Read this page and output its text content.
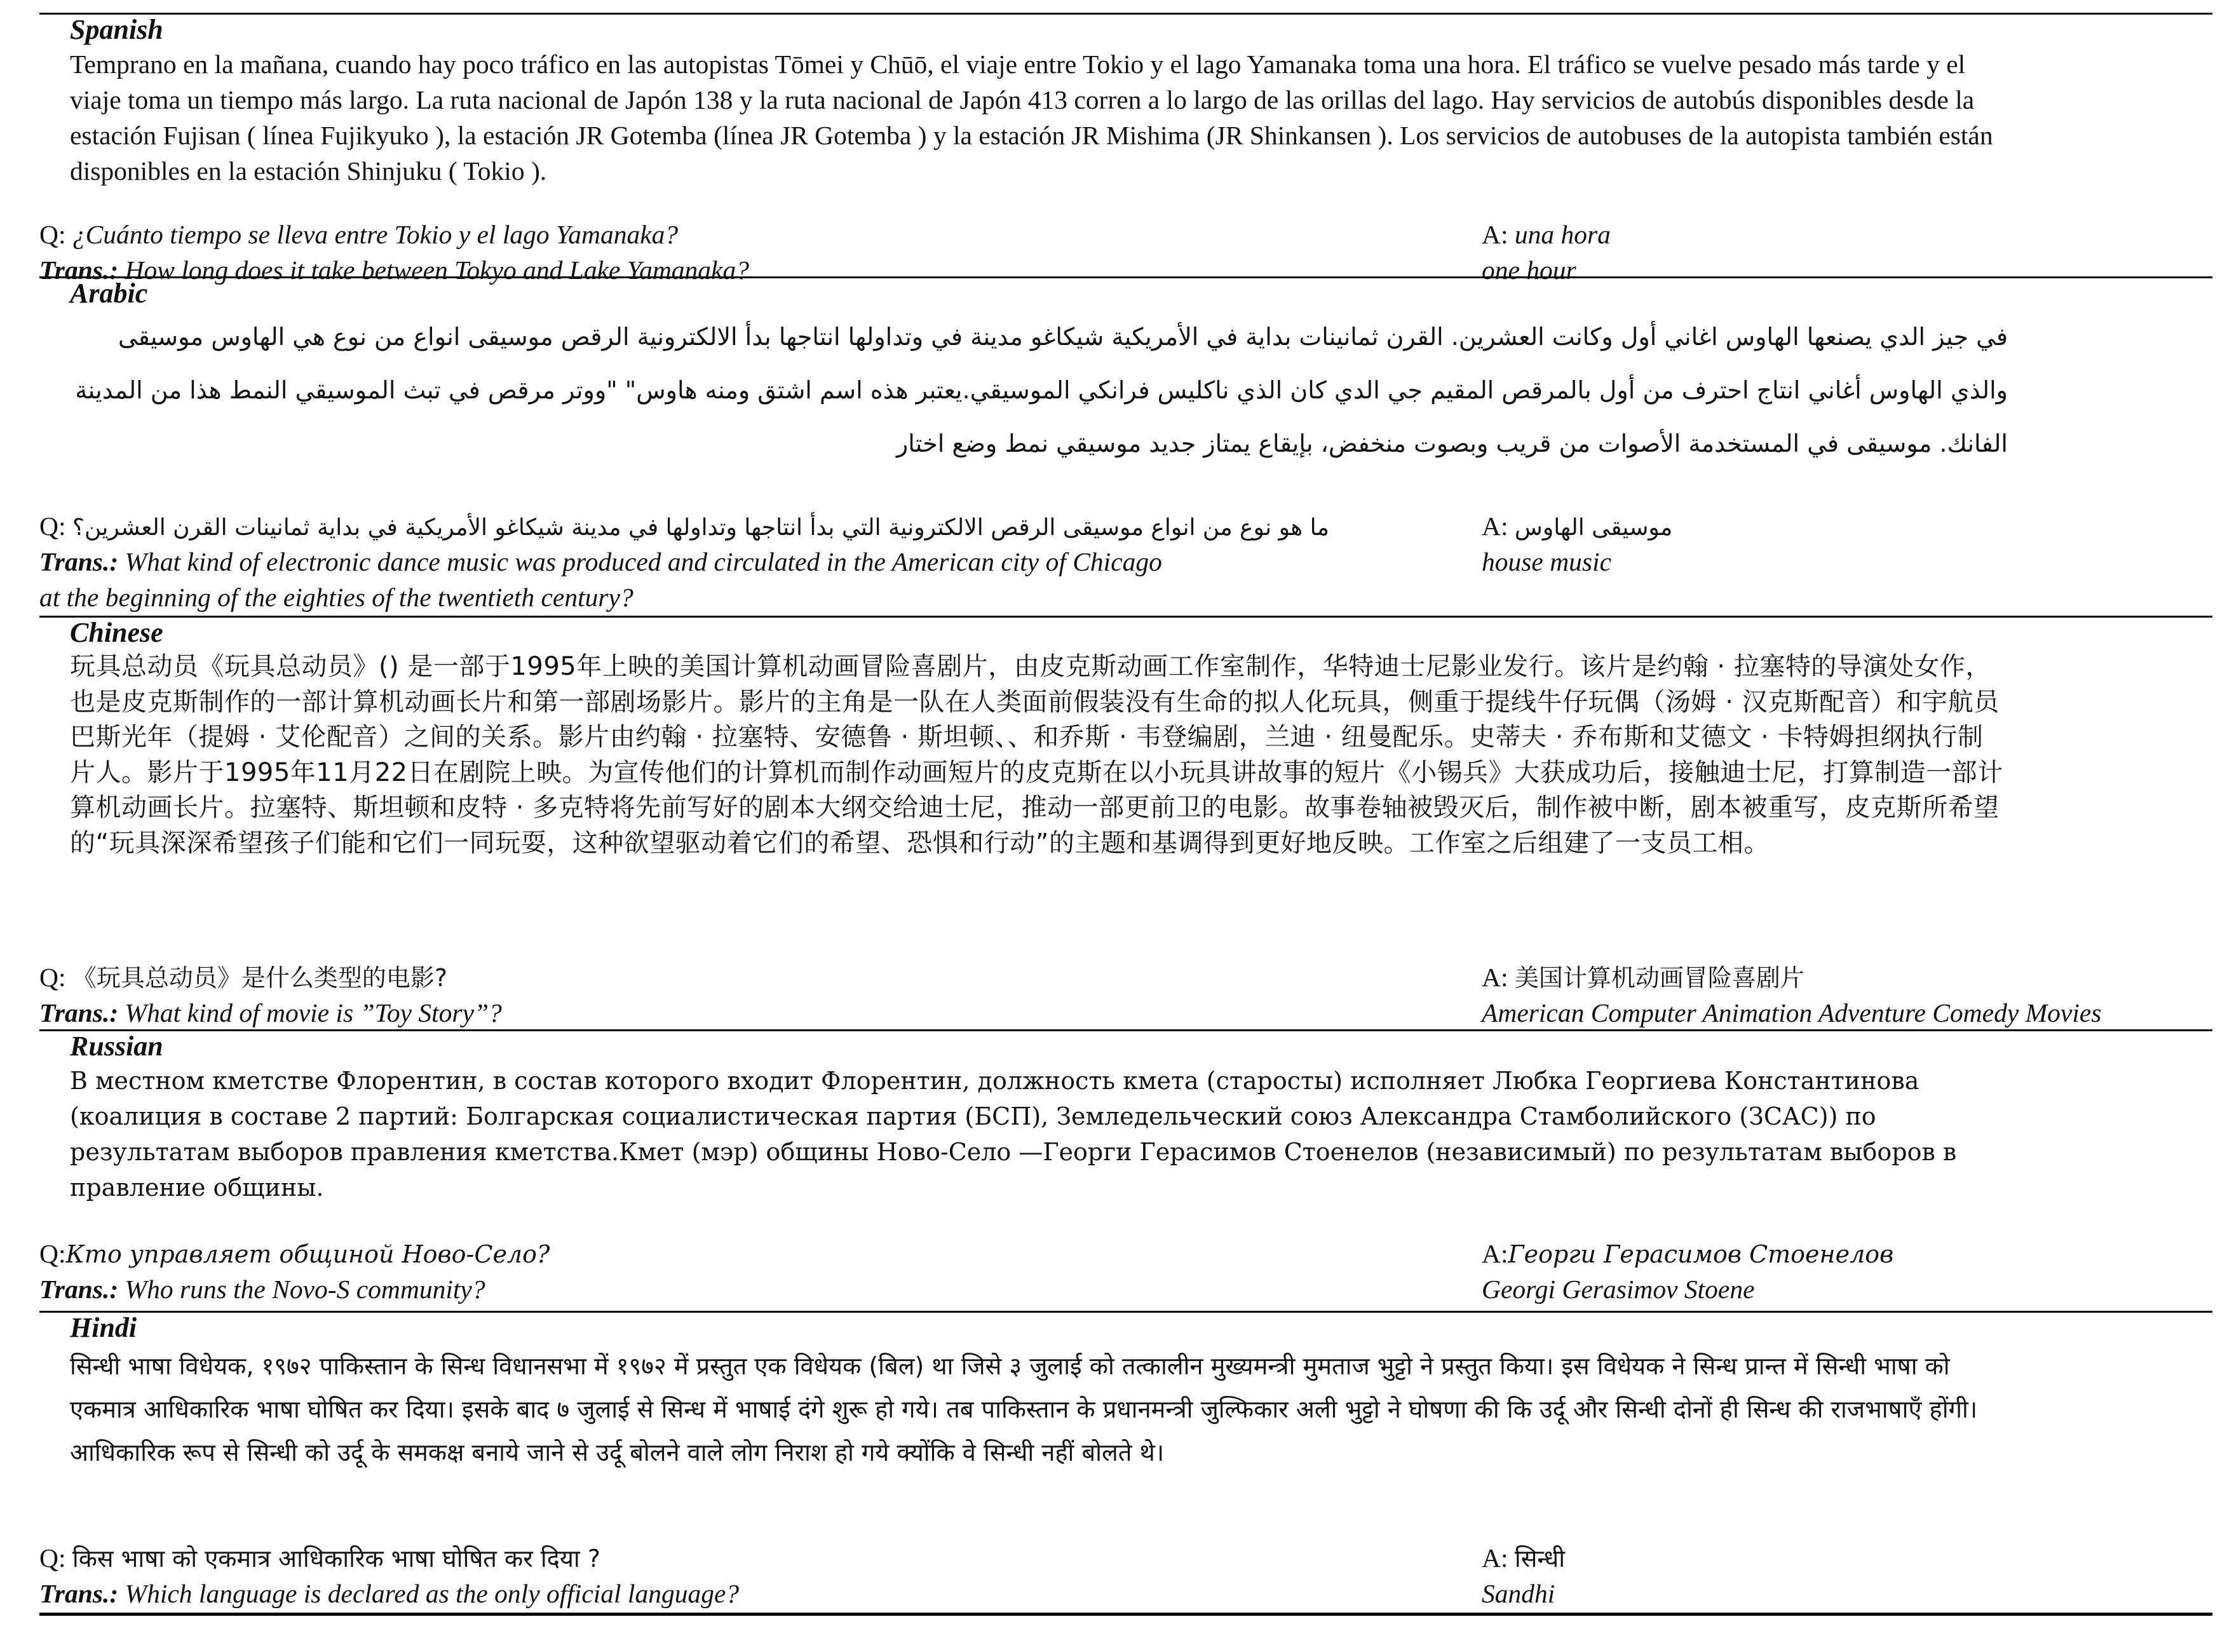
Spanish
Temprano en la mañana, cuando hay poco tráfico en las autopistas Tōmei y Chūō, el viaje entre Tokio y el lago Yamanaka toma una hora. El tráfico se vuelve pesado más tarde y el viaje toma un tiempo más largo. La ruta nacional de Japón 138 y la ruta nacional de Japón 413 corren a lo largo de las orillas del lago. Hay servicios de autobús disponibles desde la estación Fujisan ( línea Fujikyuko ), la estación JR Gotemba (línea JR Gotemba ) y la estación JR Mishima (JR Shinkansen ). Los servicios de autobuses de la autopista también están disponibles en la estación Shinjuku ( Tokio ).
Q: ¿Cuánto tiempo se lleva entre Tokio y el lago Yamanaka?	A: una hora
Trans.: How long does it take between Tokyo and Lake Yamanaka?	one hour
Arabic
في جيز الدي يصنعها الهاوس اغاني أول وكانت العشرين. القرن ثمانينات بداية في الأمريكية شيكاغو مدينة في وتداولها انتاجها بدأ الالكترونية الرقص موسيقى انواع من نوع هي الهاوس موسيقى والذي الهاوس أغاني انتاج احترف من أول بالمرقص المقيم جي الدي كان الذي ناكليس فرانكي الموسيقي.يعتبر هذه اسم اشتق ومنه هاوس" "ووتر مرقص في تبث الموسيقي النمط هذا من المدينة الفانك. موسيقى في المستخدمة الأصوات من قريب وبصوت منخفض، بإيقاع يمتاز جديد موسيقي نمط وضع اختار
Q: ما هو نوع من انواع موسيقى الرقص الالكترونية التي بدأ انتاجها وتداولها في مدينة شيكاغو الأمريكية في بداية ثمانينات القرن العشرين؟	A: موسيقى الهاوس
Trans.: What kind of electronic dance music was produced and circulated in the American city of Chicago	house music
at the beginning of the eighties of the twentieth century?
Chinese
玩具总动员《玩具总动员》() 是一部于1995年上映的美国计算机动画冒险喜剧片，由皮克斯动画工作室制作，华特迪士尼影业发行。该片是约翰 · 拉塞特的导演处女作，也是皮克斯制作的一部计算机动画长片和第一部剧场影片。影片的主角是一队在人类面前假装没有生命的拟人化玩具，侧重于提线牛仔玩偶（汤姆 · 汉克斯配音）和宇航员巴斯光年（提姆 · 艾伦配音）之间的关系。影片由约翰 · 拉塞特、安德鲁 · 斯坦顿、、和乔斯 · 韦登编剧，兰迪 · 纽曼配乐。史蒂夫 · 乔布斯和艾德文 · 卡特姆担纲执行制片人。影片于1995年11月22日在剧院上映。为宣传他们的计算机而制作动画短片的皮克斯在以小玩具讲故事的短片《小锡兵》大获成功后，接触迪士尼，打算制造一部计算机动画长片。拉塞特、斯坦顿和皮特 · 多克特将先前写好的剧本大纲交给迪士尼，推动一部更前卫的电影。故事卷轴被毁灭后，制作被中断，剧本被重写，皮克斯所希望的“玩具深深希望孩子们能和它们一同玩耍，这种欲望驱动着它们的希望、恐惧和行动”的主题和基调得到更好地反映。工作室之后组建了一支员工相。
Q: 《玩具总动员》是什么类型的电影?	A: 美国计算机动画冒险喜剧片
Trans.: What kind of movie is ”Toy Story”?	American Computer Animation Adventure Comedy Movies
Russian
В местном кметстве Флорентин, в состав которого входит Флорентин, должность кмета (старосты) исполняет Любка Георгиева Константинова (коалиция в составе 2 партий: Болгарская социалистическая партия (БСП), Земледельческий союз Александра Стамболийского (ЗСАС)) по результатам выборов правления кметства.Кмет (мэр) общины Ново-Село —Георги Герасимов Стоенелов (независимый) по результатам выборов в правление общины.
Q:Кто управляет общиной Ново-Село?	A:Георги Герасимов Стоенелов
Trans.: Who runs the Novo-S community?	Georgi Gerasimov Stoene
Hindi
सिन्धी भाषा विधेयक, १९७२ पाकिस्तान के सिन्ध विधानसभा में १९७२ में प्रस्तुत एक विधेयक (बिल) था जिसे ३ जुलाई को तत्कालीन मुख्यमन्त्री मुमताज भुट्टो ने प्रस्तुत किया। इस विधेयक ने सिन्ध प्रान्त में सिन्धी भाषा को एकमात्र आधिकारिक भाषा घोषित कर दिया। इसके बाद ७ जुलाई से सिन्ध में भाषाई दंगे शुरू हो गये। तब पाकिस्तान के प्रधानमन्त्री जुल्फिकार अली भुट्टो ने घोषणा की कि उर्दू और सिन्धी दोनों ही सिन्ध की राजभाषाएँ होंगी। आधिकारिक रूप से सिन्धी को उर्दू के समकक्ष बनाये जाने से उर्दू बोलने वाले लोग निराश हो गये क्योंकि वे सिन्धी नहीं बोलते थे।
Q: किस भाषा को एकमात्र आधिकारिक भाषा घोषित कर दिया ?	A: सिन्धी
Trans.: Which language is declared as the only official language?	Sandhi
